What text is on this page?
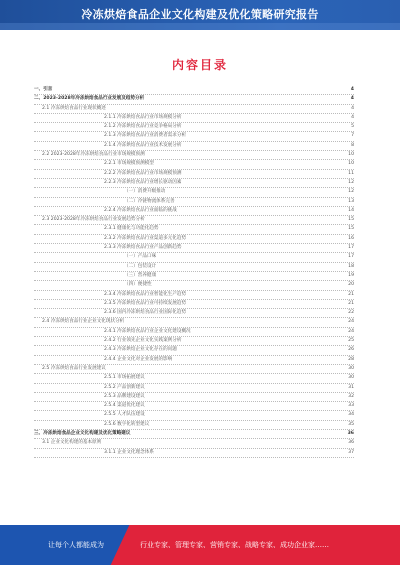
冷冻烘焙食品企业文化构建及优化策略研究报告
内容目录
一、引言	4
二、2023-2028年冷冻烘焙食品行业发展及趋势分析	4
2.1 冷冻烘焙食品行业现状概述	4
2.1.1 冷冻烘焙食品行业市场规模分析	4
2.1.2 冷冻烘焙食品行业竞争格局分析	5
2.1.3 冷冻烘焙食品行业消费者需求分析	7
2.1.4 冷冻烘焙食品行业技术发展分析	8
2.2 2023-2028年冷冻烘焙食品行业市场规模预测	10
2.2.1 市场规模预测模型	10
2.2.2 冷冻烘焙食品行业市场规模预测	11
2.2.3 冷冻烘焙食品行业增长驱动因素	12
（一）消费升级推动	12
（二）冷链物流体系完善	13
2.2.4 冷冻烘焙食品行业面临的挑战	14
2.3 2023-2028年冷冻烘焙食品行业发展趋势分析	15
2.3.1 健康化与功能化趋势	15
2.3.2 冷冻烘焙食品行业渠道多元化趋势	16
2.3.3 冷冻烘焙食品行业产品创新趋势	17
（一）产品口味	17
（二）包装设计	18
（三）营养健康	19
（四）便捷性	20
2.3.4 冷冻烘焙食品行业智能化生产趋势	21
2.3.5 冷冻烘焙食品行业可持续发展趋势	21
2.3.6 国内冷冻烘焙食品行业国际化趋势	22
2.4 冷冻烘焙食品行业企业文化现状分析	24
2.4.1 冷冻烘焙食品行业企业文化建设概况	24
2.4.2 行业领先企业文化实践案例分析	25
2.4.3 冷冻烘焙企业文化存在的问题	26
2.4.4 企业文化对企业发展的影响	28
2.5 冷冻烘焙食品行业发展建议	30
2.5.1 市场拓展建议	30
2.5.2 产品创新建议	31
2.5.3 品牌建设建议	32
2.5.4 渠道优化建议	33
2.5.5 人才队伍建设	34
2.5.6 数字化转型建议	35
三、冷冻烘焙食品企业文化构建及优化策略建议	36
3.1 企业文化构建的基本原则	36
3.1.1 企业文化理念体系	37
让每个人都能成为	行业专家、管理专家、营销专家、战略专家、成功企业家……
